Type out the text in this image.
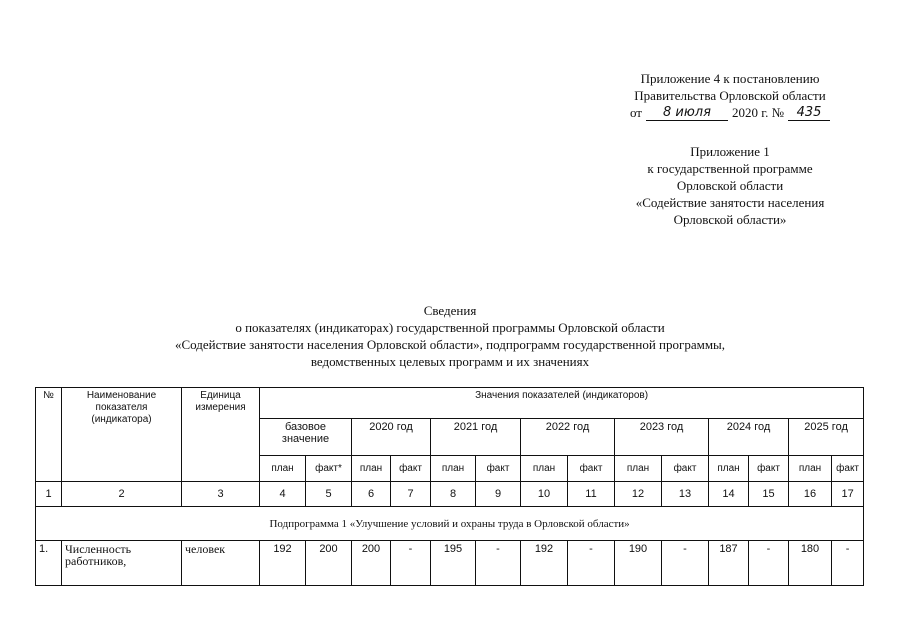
Приложение 4 к постановлению
Правительства Орловской области
от	8 июля	2020 г. № 435
Приложение 1
к государственной программе
Орловской области
«Содействие занятости населения
Орловской области»
Сведения
о показателях (индикаторах) государственной программы Орловской области
«Содействие занятости населения Орловской области», подпрограмм государственной программы,
ведомственных целевых программ и их значениях
№	Наименование показателя (индикатора)	Единица измерения	Значения показателей (индикаторов)													
			базовое значение		2020 год		2021 год		2022 год		2023 год		2024 год		2025 год	
			план	факт*	план	факт	план	факт	план	факт	план	факт	план	факт	план	факт
1	2	3	4	5	6	7	8	9	10	11	12	13	14	15	16	17
Подпрограмма 1 «Улучшение условий и охраны труда в Орловской области»																
1.	Численность работников,	человек	192	200	200	-	195	-	192	-	190	-	187	-	180	-
